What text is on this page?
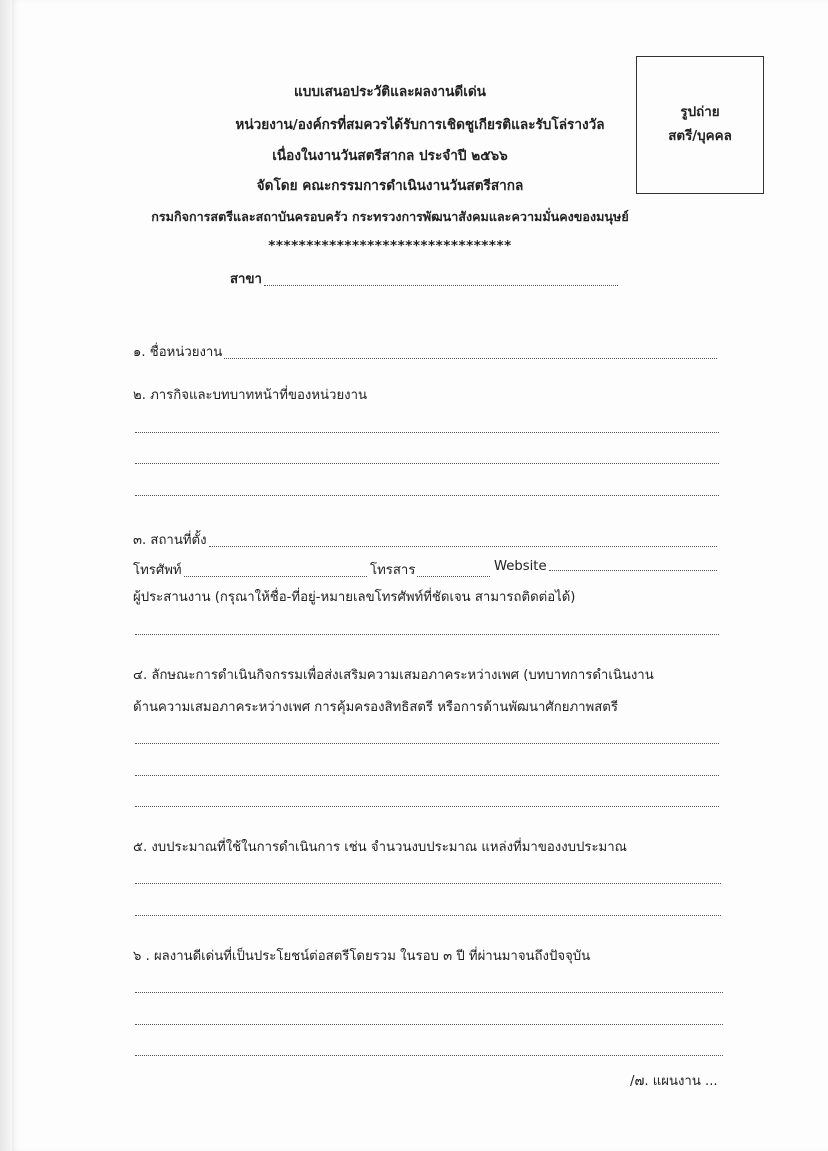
รูปถ่าย
สตรี/บุคคล
แบบเสนอประวัติและผลงานดีเด่น
หน่วยงาน/องค์กรที่สมควรได้รับการเชิดชูเกียรติและรับโล่รางวัล
เนื่องในงานวันสตรีสากล ประจำปี ๒๕๖๖
จัดโดย คณะกรรมการดำเนินงานวันสตรีสากล
กรมกิจการสตรีและสถาบันครอบครัว กระทรวงการพัฒนาสังคมและความมั่นคงของมนุษย์
********************************
สาขา
๑. ชื่อหน่วยงาน
๒. ภารกิจและบทบาทหน้าที่ของหน่วยงาน
๓. สถานที่ตั้ง
โทรศัพท์	โทรสาร	Website
ผู้ประสานงาน (กรุณาให้ชื่อ-ที่อยู่-หมายเลขโทรศัพท์ที่ชัดเจน สามารถติดต่อได้)
๔. ลักษณะการดำเนินกิจกรรมเพื่อส่งเสริมความเสมอภาคระหว่างเพศ (บทบาทการดำเนินงาน
ด้านความเสมอภาคระหว่างเพศ การคุ้มครองสิทธิสตรี หรือการด้านพัฒนาศักยภาพสตรี
๕. งบประมาณที่ใช้ในการดำเนินการ เช่น จำนวนงบประมาณ แหล่งที่มาของงบประมาณ
๖ . ผลงานดีเด่นที่เป็นประโยชน์ต่อสตรีโดยรวม ในรอบ ๓ ปี ที่ผ่านมาจนถึงปัจจุบัน
/๗. แผนงาน ...
